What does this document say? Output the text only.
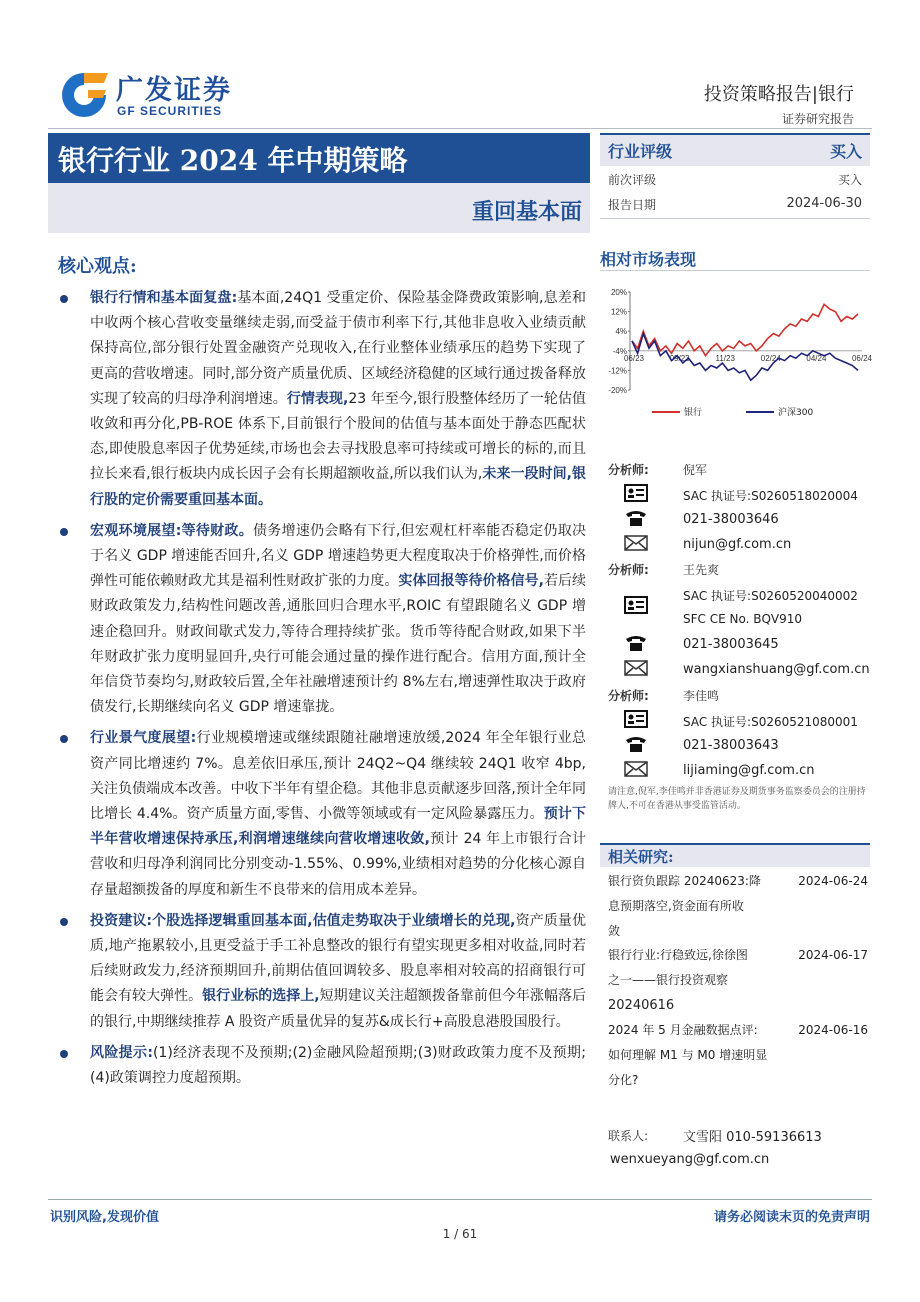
广发证券
GF SECURITIES
投资策略报告|银行
证券研究报告
银行行业 2024 年中期策略
重回基本面
行业评级	买入
前次评级	买入
报告日期	2024-06-30
核心观点:
银行行情和基本面复盘:基本面,24Q1 受重定价、保险基金降费政策影响,息差和中收两个核心营收变量继续走弱,而受益于债市利率下行,其他非息收入业绩贡献保持高位,部分银行处置金融资产兑现收入,在行业整体业绩承压的趋势下实现了更高的营收增速。同时,部分资产质量优质、区域经济稳健的区域行通过拨备释放实现了较高的归母净利润增速。行情表现,23 年至今,银行股整体经历了一轮估值收敛和再分化,PB-ROE 体系下,目前银行个股间的估值与基本面处于静态匹配状态,即使股息率因子优势延续,市场也会去寻找股息率可持续或可增长的标的,而且拉长来看,银行板块内成长因子会有长期超额收益,所以我们认为,未来一段时间,银行股的定价需要重回基本面。
宏观环境展望:等待财政。债务增速仍会略有下行,但宏观杠杆率能否稳定仍取决于名义 GDP 增速能否回升,名义 GDP 增速趋势更大程度取决于价格弹性,而价格弹性可能依赖财政尤其是福利性财政扩张的力度。实体回报等待价格信号,若后续财政政策发力,结构性问题改善,通胀回归合理水平,ROIC 有望跟随名义 GDP 增速企稳回升。财政间歇式发力,等待合理持续扩张。货币等待配合财政,如果下半年财政扩张力度明显回升,央行可能会通过量的操作进行配合。信用方面,预计全年信贷节奏均匀,财政较后置,全年社融增速预计约 8%左右,增速弹性取决于政府债发行,长期继续向名义 GDP 增速靠拢。
行业景气度展望:行业规模增速或继续跟随社融增速放缓,2024 年全年银行业总资产同比增速约 7%。息差依旧承压,预计 24Q2~Q4 继续较 24Q1 收窄 4bp,关注负债端成本改善。中收下半年有望企稳。其他非息贡献逐步回落,预计全年同比增长 4.4%。资产质量方面,零售、小微等领域或有一定风险暴露压力。预计下半年营收增速保持承压,利润增速继续向营收增速收敛,预计 24 年上市银行合计营收和归母净利润同比分别变动-1.55%、0.99%,业绩相对趋势的分化核心源自存量超额拨备的厚度和新生不良带来的信用成本差异。
投资建议:个股选择逻辑重回基本面,估值走势取决于业绩增长的兑现,资产质量优质,地产拖累较小,且更受益于手工补息整改的银行有望实现更多相对收益,同时若后续财政发力,经济预期回升,前期估值回调较多、股息率相对较高的招商银行可能会有较大弹性。银行业标的选择上,短期建议关注超额拨备靠前但今年涨幅落后的银行,中期继续推荐 A 股资产质量优异的复苏&成长行+高股息港股国股行。
风险提示:(1)经济表现不及预期;(2)金融风险超预期;(3)财政政策力度不及预期;(4)政策调控力度超预期。
相对市场表现
20%
12%
4%
-4%
-12%
-20%
06/23	09/23	11/23	02/24	04/24	06/24
银行	沪深300
分析师:	倪军
SAC 执证号:S0260518020004
021-38003646
nijun@gf.com.cn
分析师:	王先爽
SAC 执证号:S0260520040002
SFC CE No. BQV910
021-38003645
wangxianshuang@gf.com.cn
分析师:	李佳鸣
SAC 执证号:S0260521080001
021-38003643
lijiaming@gf.com.cn
请注意,倪军,李佳鸣并非香港证券及期货事务监察委员会的注册持牌人,不可在香港从事受监管活动。
相关研究:
银行资负跟踪 20240623:降
息预期落空,资金面有所收
敛
2024-06-24
银行行业:行稳致远,徐徐图
之一——银行投资观察
20240616
2024-06-17
2024 年 5 月金融数据点评:
如何理解 M1 与 M0 增速明显
分化?
2024-06-16
联系人:	文雪阳 010-59136613
wenxueyang@gf.com.cn
识别风险,发现价值	请务必阅读末页的免责声明
1 / 61
